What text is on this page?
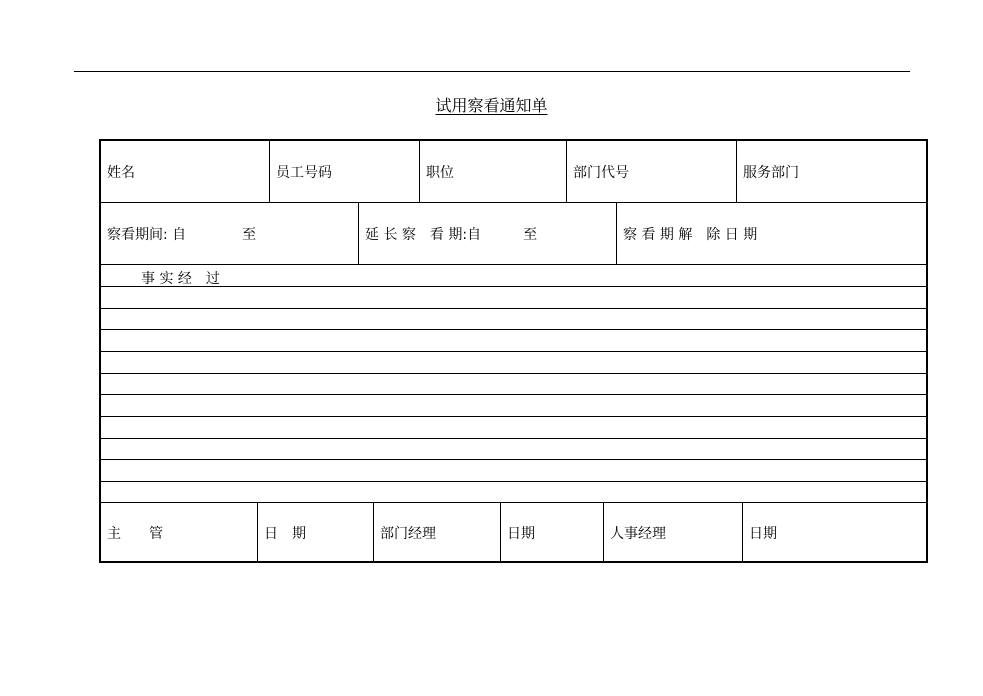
试用察看通知单
姓名	员工号码	职位	部门代号	服务部门
察看期间: 自　　　　至	延 长 察　看 期:自　　　至	察 看 期 解　除 日 期
事 实 经　过
主　　管	日　期	部门经理	日期	人事经理	日期
